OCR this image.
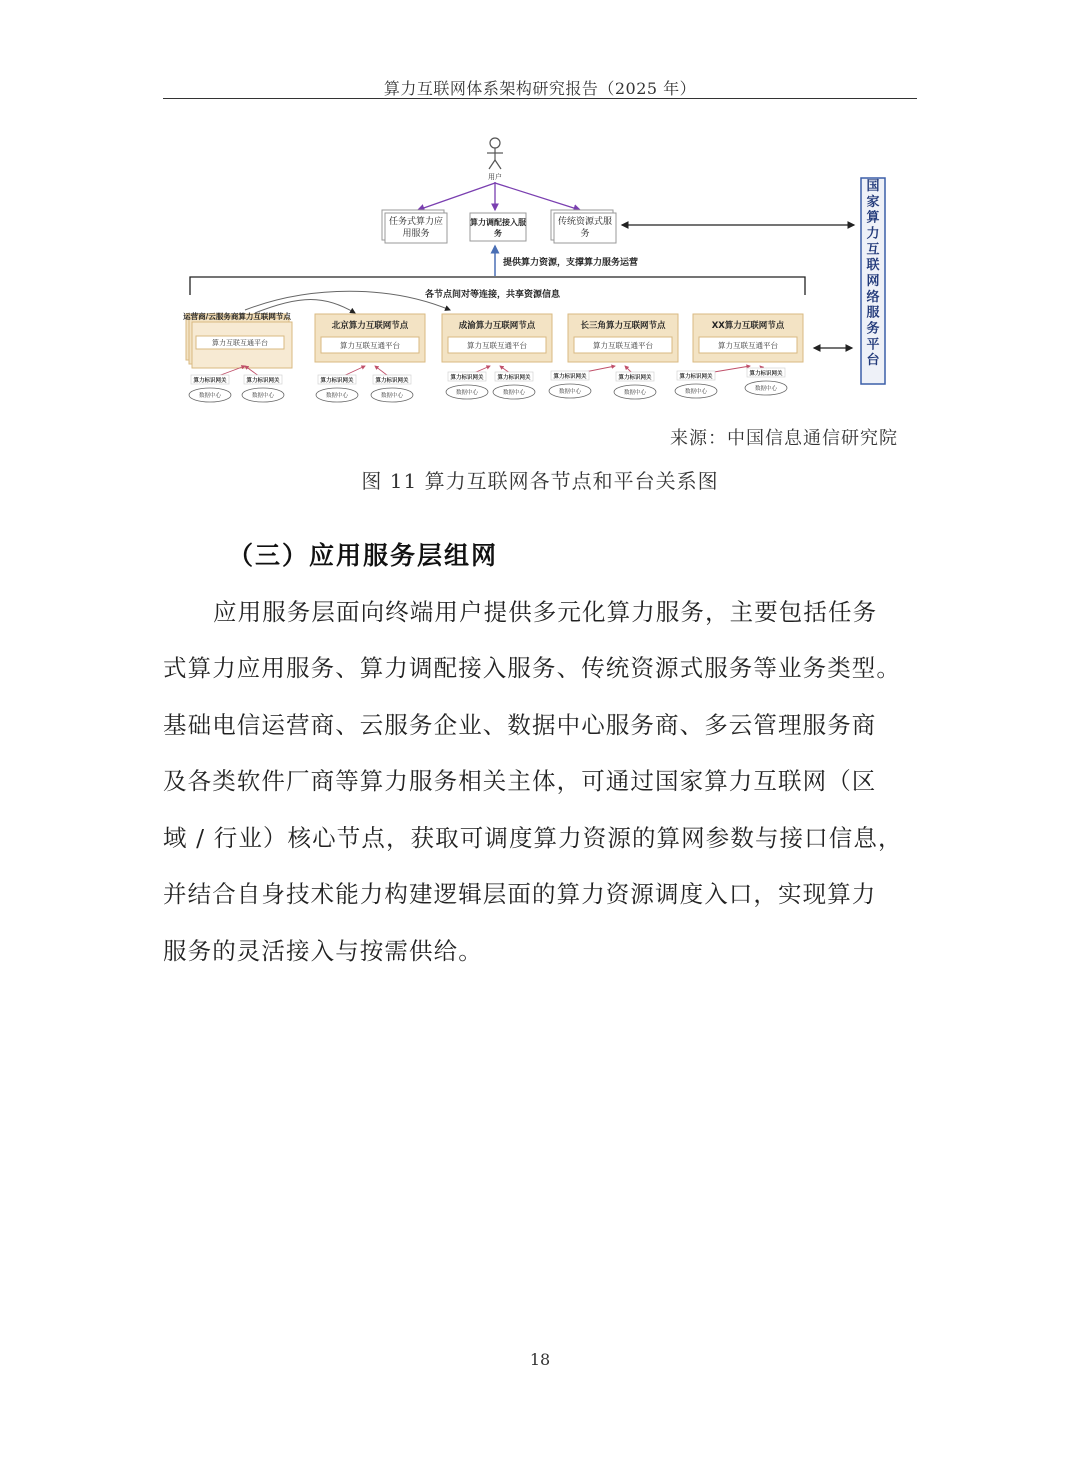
算力互联网体系架构研究报告（2025 年）
用户
任务式算力应用服务
算力调配接入服务
传统资源式服务
提供算力资源，支撑算力服务运营
各节点间对等连接，共享资源信息
运营商/云服务商算力互联网节点
算力互联互通平台
北京算力互联网节点
算力互联互通平台
成渝算力互联网节点
算力互联互通平台
长三角算力互联网节点
算力互联互通平台
XX算力互联网节点
算力互联互通平台
国家算力互联网络服务平台
算力标识网关
数据中心
算力标识网关
数据中心
算力标识网关
数据中心
算力标识网关
数据中心
算力标识网关
数据中心
算力标识网关
数据中心
算力标识网关
数据中心
算力标识网关
数据中心
算力标识网关
数据中心
算力标识网关
数据中心
来源：中国信息通信研究院
图 11 算力互联网各节点和平台关系图
（三）应用服务层组网
应用服务层面向终端用户提供多元化算力服务，主要包括任务
式算力应用服务、算力调配接入服务、传统资源式服务等业务类型。
基础电信运营商、云服务企业、数据中心服务商、多云管理服务商
及各类软件厂商等算力服务相关主体，可通过国家算力互联网（区
域 / 行业）核心节点，获取可调度算力资源的算网参数与接口信息，
并结合自身技术能力构建逻辑层面的算力资源调度入口，实现算力
服务的灵活接入与按需供给。
18
